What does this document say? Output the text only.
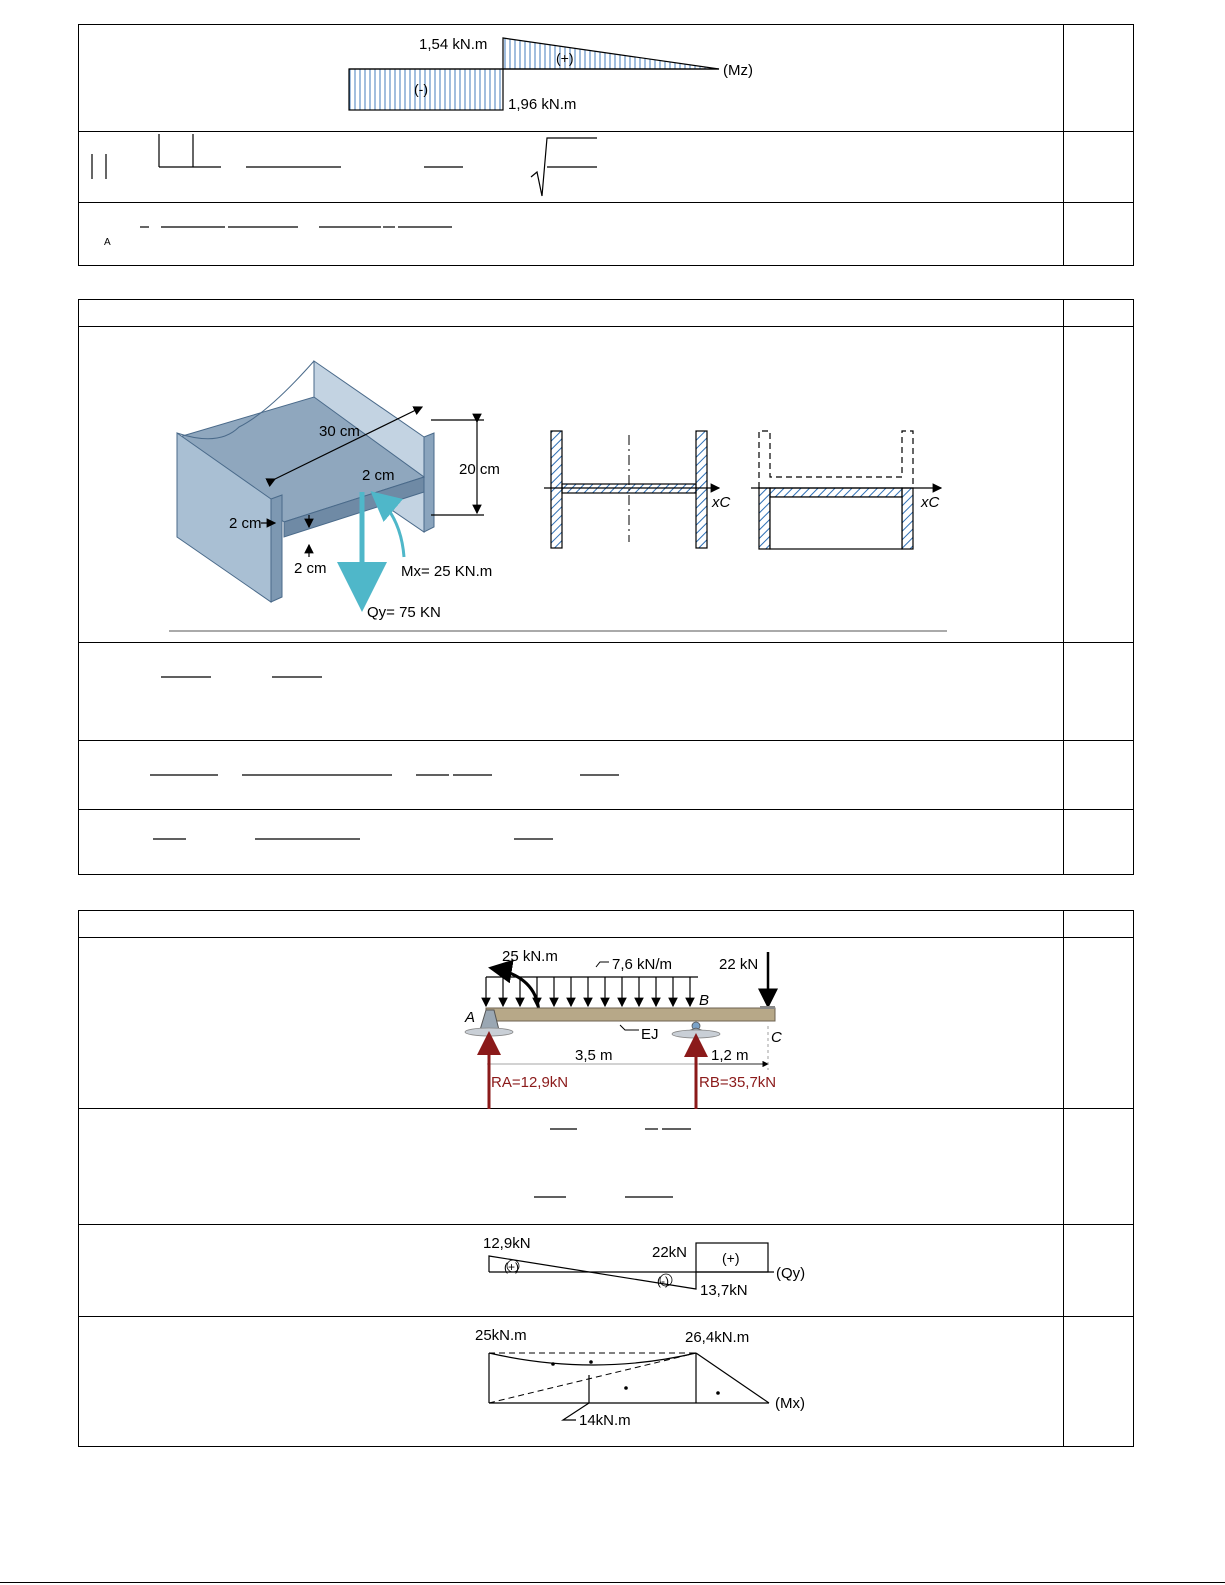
1,54 kN.m
(+)
(-)
1,96 kN.m
(Mz)
A
30 cm
2 cm	20 cm
2 cm
2 cm	Mx= 25 KN.m
Qy= 75 KN
xC	xC
25 kN.m	7,6 kN/m	22 kN
A
B
C
EJ
3,5 m	1,2 m
RA=12,9kN	RB=35,7kN
12,9kN
(+)
22kN (+)
(-)
13,7kN
(Qy)
25kN.m	26,4kN.m
14kN.m
(Mx)
